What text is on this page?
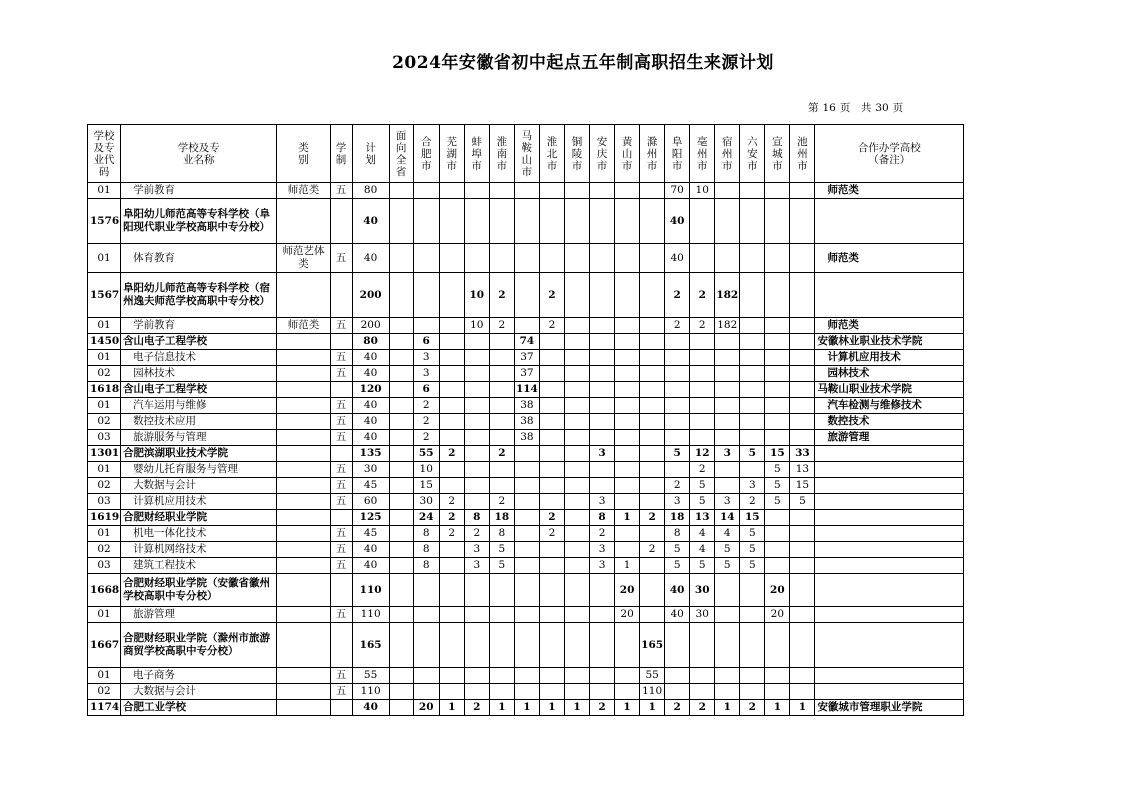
2024年安徽省初中起点五年制高职招生来源计划
第 16 页　共 30 页
学校及专业代码	学校及专业名称	类别	学制	计划	面向全省	合肥市	芜湖市	蚌埠市	淮南市	马鞍山市	淮北市	铜陵市	安庆市	黄山市	滁州市	阜阳市	亳州市	宿州市	六安市	宣城市	池州市	合作办学高校（备注）
01	学前教育	师范类	五	80												70	10					师范类
1576	阜阳幼儿师范高等专科学校（阜阳现代职业学校高职中专分校）			40												40						
01	体育教育	师范艺体类	五	40												40						师范类
1567	阜阳幼儿师范高等专科学校（宿州逸夫师范学校高职中专分校）			200				10	2		2					2	2	182				
01	学前教育	师范类	五	200				10	2		2					2	2	182				师范类
1450	含山电子工程学校			80		6				74												安徽林业职业技术学院
01	电子信息技术		五	40		3				37												计算机应用技术
02	园林技术		五	40		3				37												园林技术
1618	含山电子工程学校			120		6				114												马鞍山职业技术学院
01	汽车运用与维修		五	40		2				38												汽车检测与维修技术
02	数控技术应用		五	40		2				38												数控技术
03	旅游服务与管理		五	40		2				38												旅游管理
1301	合肥滨湖职业技术学院			135		55	2		2				3			5	12	3	5	15	33	
01	婴幼儿托育服务与管理		五	30		10											2			5	13	
02	大数据与会计		五	45		15										2	5		3	5	15	
03	计算机应用技术		五	60		30	2		2				3			3	5	3	2	5	5	
1619	合肥财经职业学院			125		24	2	8	18		2		8	1	2	18	13	14	15			
01	机电一体化技术		五	45		8	2	2	8		2		2			8	4	4	5			
02	计算机网络技术		五	40		8		3	5				3		2	5	4	5	5			
03	建筑工程技术		五	40		8		3	5				3	1		5	5	5	5			
1668	合肥财经职业学院（安徽省徽州学校高职中专分校）			110										20		40	30			20		
01	旅游管理		五	110										20		40	30			20		
1667	合肥财经职业学院（滁州市旅游商贸学校高职中专分校）			165											165							
01	电子商务		五	55											55							
02	大数据与会计		五	110											110							
1174	合肥工业学校			40		20	1	2	1	1	1	1	2	1	1	2	2	1	2	1	1	安徽城市管理职业学院
